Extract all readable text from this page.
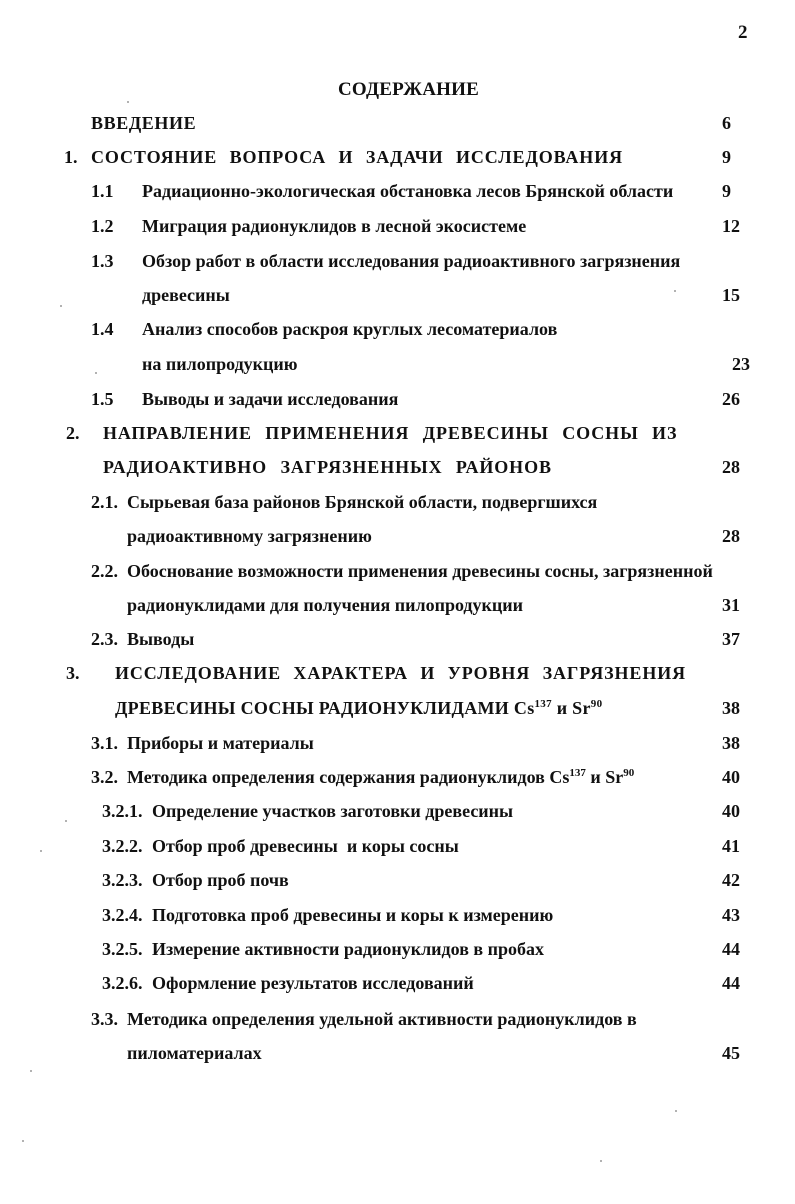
2
СОДЕРЖАНИЕ
ВВЕДЕНИЕ	6
1. СОСТОЯНИЕ ВОПРОСА И ЗАДАЧИ ИССЛЕДОВАНИЯ	9
1.1 Радиационно-экологическая обстановка лесов Брянской области	9
1.2 Миграция радионуклидов в лесной экосистеме	12
1.3 Обзор работ в области исследования радиоактивного загрязнения
древесины	15
1.4 Анализ способов раскроя круглых лесоматериалов
на пилопродукцию	23
1.5 Выводы и задачи исследования	26
2. НАПРАВЛЕНИЕ ПРИМЕНЕНИЯ ДРЕВЕСИНЫ СОСНЫ ИЗ
РАДИОАКТИВНО ЗАГРЯЗНЕННЫХ РАЙОНОВ	28
2.1. Сырьевая база районов Брянской области, подвергшихся
радиоактивному загрязнению	28
2.2. Обоснование возможности применения древесины сосны, загрязненной
радионуклидами для получения пилопродукции	31
2.3. Выводы	37
3. ИССЛЕДОВАНИЕ ХАРАКТЕРА И УРОВНЯ ЗАГРЯЗНЕНИЯ
ДРЕВЕСИНЫ СОСНЫ РАДИОНУКЛИДАМИ Cs$^{137}$ и Sr$^{90}$	38
3.1. Приборы и материалы	38
3.2. Методика определения содержания радионуклидов Cs$^{137}$ и Sr$^{90}$	40
3.2.1. Определение участков заготовки древесины	40
3.2.2. Отбор проб древесины  и коры сосны	41
3.2.3. Отбор проб почв	42
3.2.4. Подготовка проб древесины и коры к измерению	43
3.2.5. Измерение активности радионуклидов в пробах	44
3.2.6. Оформление результатов исследований	44
3.3. Методика определения удельной активности радионуклидов в
пиломатериалах	45
